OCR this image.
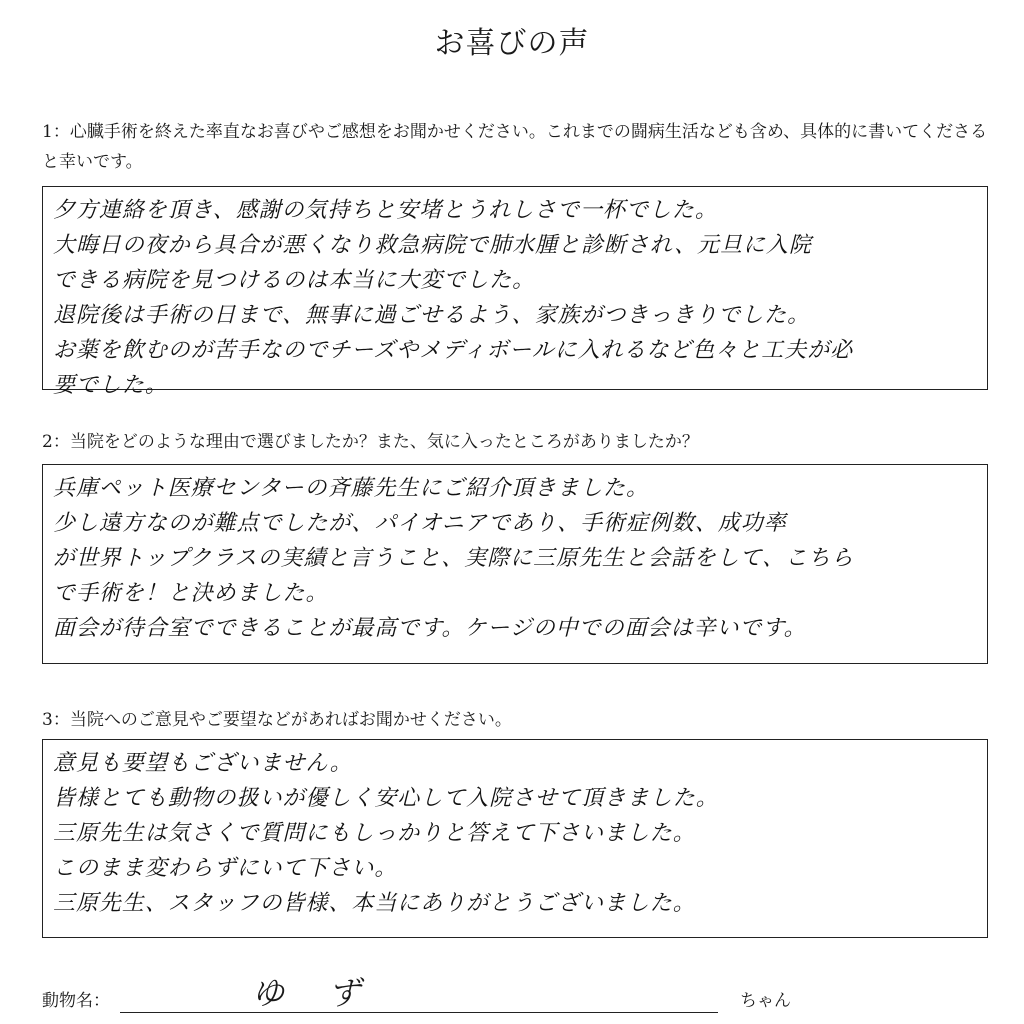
お喜びの声
1：心臓手術を終えた率直なお喜びやご感想をお聞かせください。これまでの闘病生活なども含め、具体的に書いてくださると幸いです。
夕方連絡を頂き、感謝の気持ちと安堵とうれしさで一杯でした。
大晦日の夜から具合が悪くなり救急病院で肺水腫と診断され、元旦に入院
できる病院を見つけるのは本当に大変でした。
退院後は手術の日まで、無事に過ごせるよう、家族がつきっきりでした。
お薬を飲むのが苦手なのでチーズやメディボールに入れるなど色々と工夫が必
要でした。
2：当院をどのような理由で選びましたか？また、気に入ったところがありましたか？
兵庫ペット医療センターの斉藤先生にご紹介頂きました。
少し遠方なのが難点でしたが、パイオニアであり、手術症例数、成功率
が世界トップクラスの実績と言うこと、実際に三原先生と会話をして、こちら
で手術を！と決めました。
面会が待合室でできることが最高です。ケージの中での面会は辛いです。
3：当院へのご意見やご要望などがあればお聞かせください。
意見も要望もございません。
皆様とても動物の扱いが優しく安心して入院させて頂きました。
三原先生は気さくで質問にもしっかりと答えて下さいました。
このまま変わらずにいて下さい。
三原先生、スタッフの皆様、本当にありがとうございました。
動物名：	ゆず	ちゃん
